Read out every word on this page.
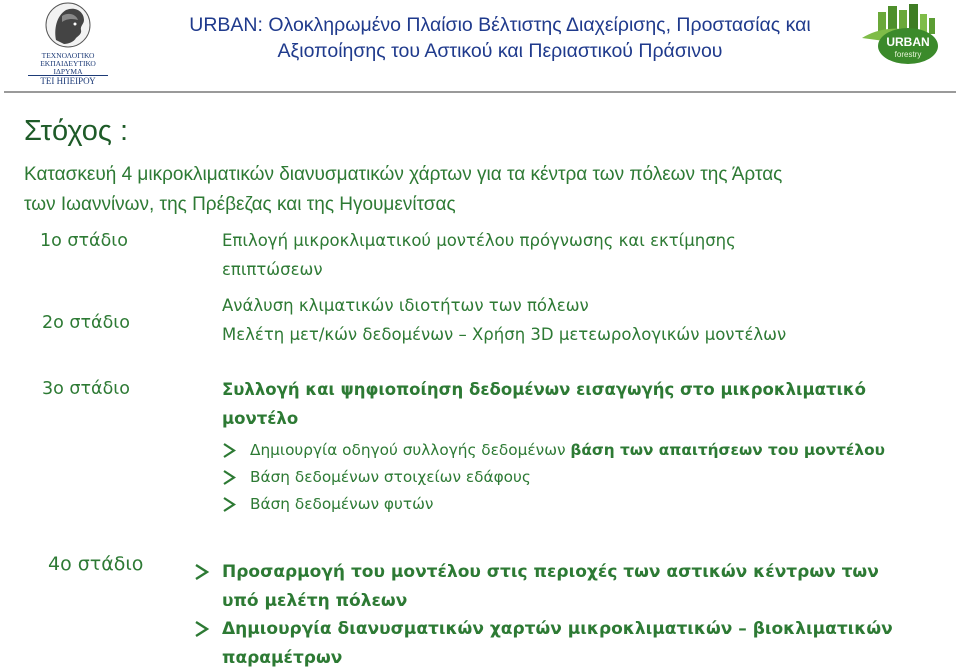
ΤΕΧΝΟΛΟΓΙΚΟ
ΕΚΠΑΙΔΕΥΤΙΚΟ
ΙΔΡΥΜΑ
ΤΕΙ ΗΠΕΙΡΟΥ
URBAN: Ολοκληρωμένο Πλαίσιο Βέλτιστης Διαχείρισης, Προστασίας και
Αξιοποίησης του Αστικού και Περιαστικού Πράσινου	URBAN
forestry
Στόχος :
Κατασκευή 4 μικροκλιματικών διανυσματικών χάρτων για τα κέντρα των πόλεων της Άρτας
των Ιωαννίνων, της Πρέβεζας και της Ηγουμενίτσας
1ο στάδιο	Επιλογή μικροκλιματικού μοντέλου πρόγνωσης και εκτίμησης
επιπτώσεων
2ο στάδιο
Ανάλυση κλιματικών ιδιοτήτων των πόλεων
Μελέτη μετ/κών δεδομένων – Χρήση 3D μετεωρολογικών μοντέλων
3ο στάδιο	Συλλογή και ψηφιοποίηση δεδομένων εισαγωγής στο μικροκλιματικό
μοντέλο
Δημιουργία οδηγού συλλογής δεδομένων βάση των απαιτήσεων του μοντέλου
Βάση δεδομένων στοιχείων εδάφους
Βάση δεδομένων φυτών
4ο στάδιο	Προσαρμογή του μοντέλου στις περιοχές των αστικών κέντρων των
υπό μελέτη πόλεων
Δημιουργία διανυσματικών χαρτών μικροκλιματικών – βιοκλιματικών
παραμέτρων
